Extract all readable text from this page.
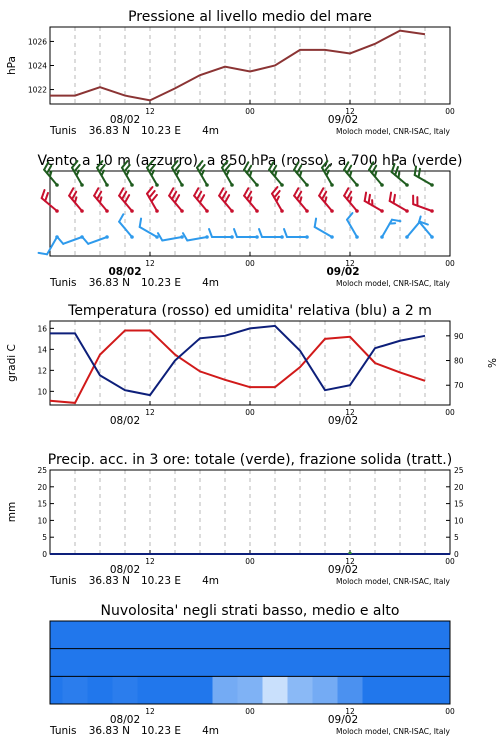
Pressione al livello medio del mare
12	00	12	00
08/02	09/02
Tunis 36.83 N 10.23 E 4m	Moloch model, CNR-ISAC, Italy
1022
1024
1026
hPa
Vento a 10 m (azzurro), a 850 hPa (rosso), a 700 hPa (verde)
12	00	12	00
08/02	09/02
Tunis 36.83 N 10.23 E 4m	Moloch model, CNR-ISAC, Italy
Temperatura (rosso) ed umidita' relativa (blu) a 2 m
12	00	12	00
08/02	09/02
10
12
14
16
70
80
90
gradi C	%
Precip. acc. in 3 ore: totale (verde), frazione solida (tratt.)
12	00	12	00
08/02	09/02
Tunis 36.83 N 10.23 E 4m	Moloch model, CNR-ISAC, Italy
0	0
5	5
10	10
15	15
20	20
25	25
mm
Nuvolosita' negli strati basso, medio e alto
12	00	12	00
08/02	09/02
Tunis 36.83 N 10.23 E 4m	Moloch model, CNR-ISAC, Italy
